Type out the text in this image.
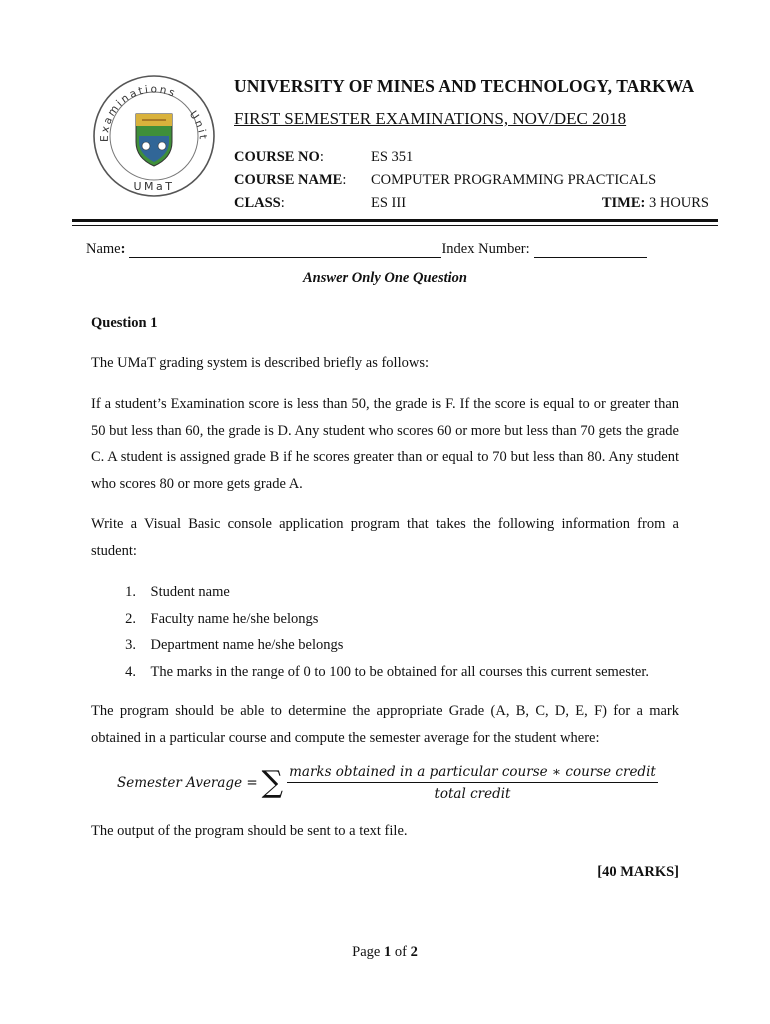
Examinations
Unit
UMaT
UNIVERSITY OF MINES AND TECHNOLOGY, TARKWA
FIRST SEMESTER EXAMINATIONS, NOV/DEC 2018
COURSE NO:	ES 351
COURSE NAME: COMPUTER PROGRAMMING PRACTICALS
CLASS:	ES III	TIME: 3 HOURS
Name:	Index Number:
Answer Only One Question
Question 1
The UMaT grading system is described briefly as follows:
If a student’s Examination score is less than 50, the grade is F. If the score is equal to or greater than 50 but less than 60, the grade is D. Any student who scores 60 or more but less than 70 gets the grade C. A student is assigned grade B if he scores greater than or equal to 70 but less than 80. Any student who scores 80 or more gets grade A.
Write a Visual Basic console application program that takes the following information from a student:
1. Student name
2. Faculty name he/she belongs
3. Department name he/she belongs
4. The marks in the range of 0 to 100 to be obtained for all courses this current semester.
The program should be able to determine the appropriate Grade (A, B, C, D, E, F) for a mark obtained in a particular course and compute the semester average for the student where:
Semester Average = ∑ $\frac{\text{marks obtained in a particular course ∗ course credit}}{\text{total credit}}$
The output of the program should be sent to a text file.
[40 MARKS]
Page 1 of 2
